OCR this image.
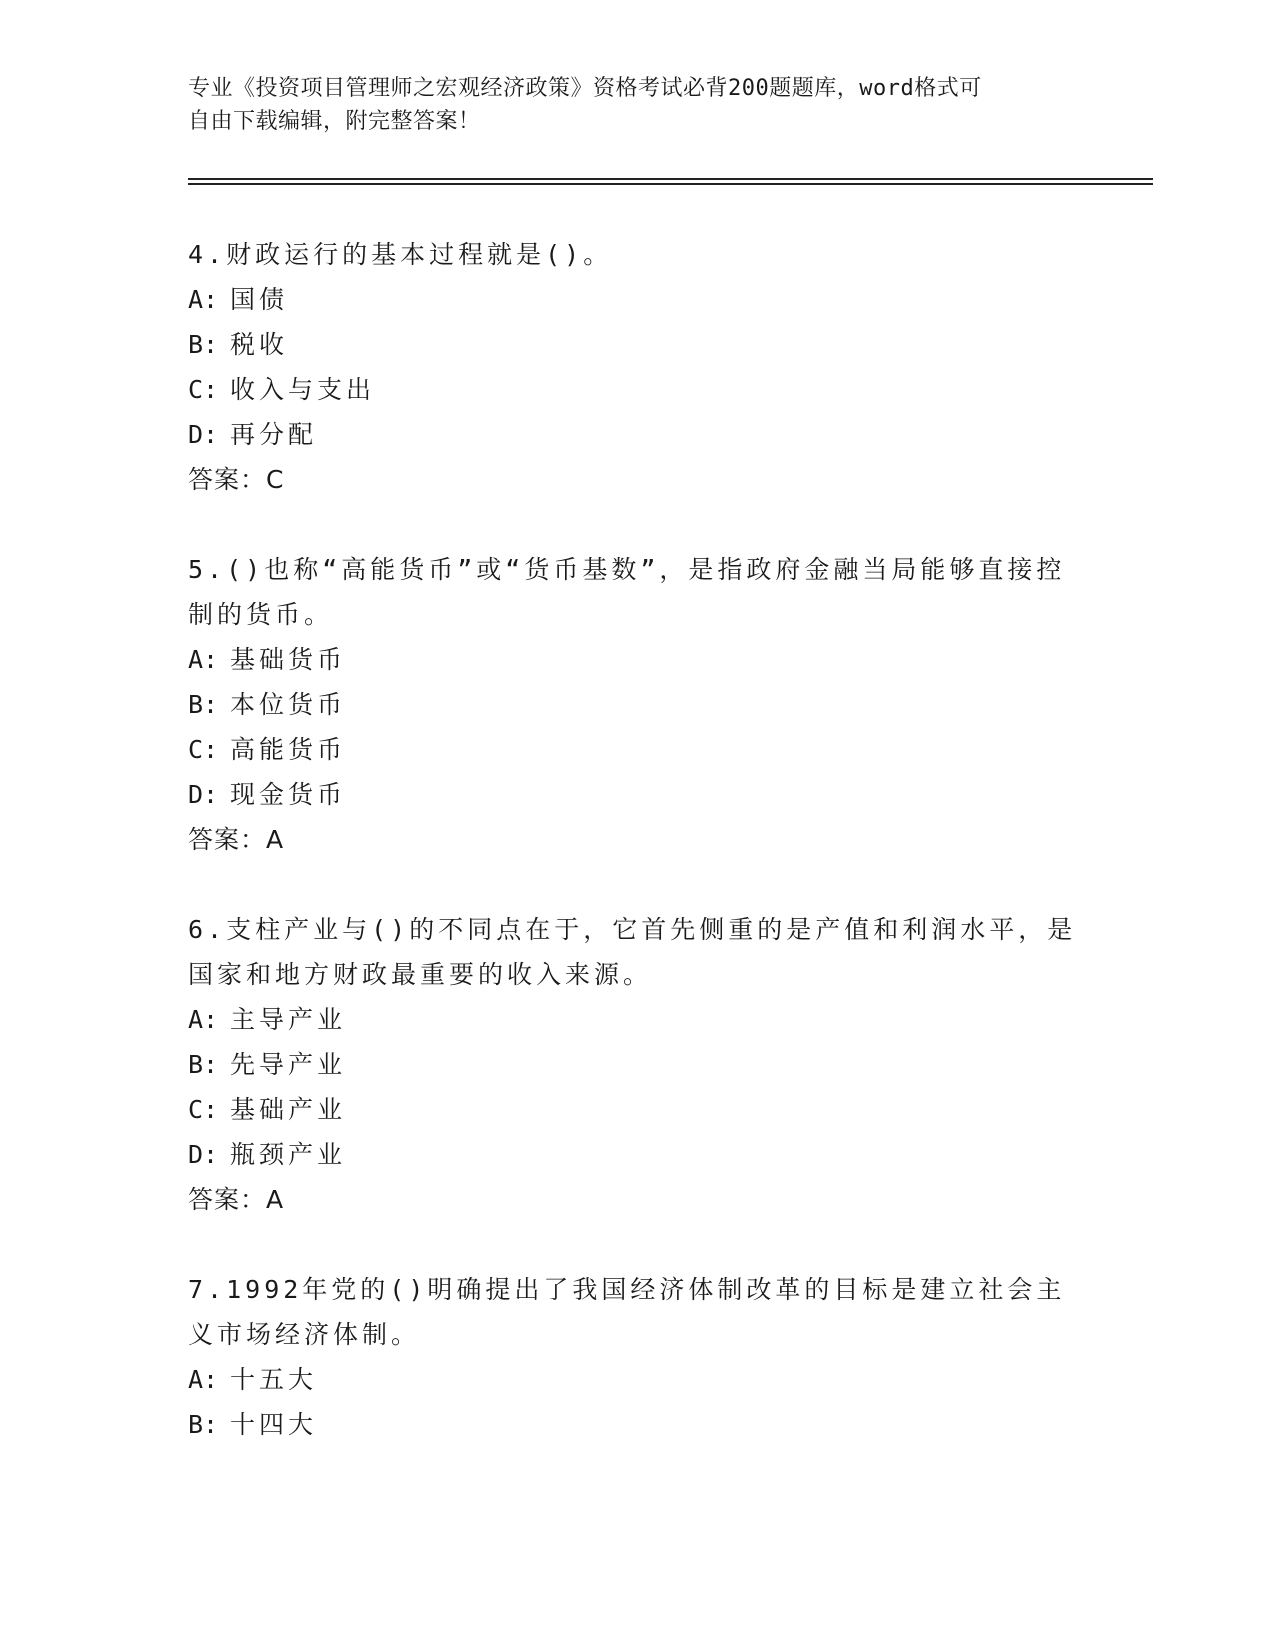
专业《投资项目管理师之宏观经济政策》资格考试必背200题题库，word格式可
自由下载编辑，附完整答案！
4.财政运行的基本过程就是()。
A: 国债
B: 税收
C: 收入与支出
D: 再分配
答案：C
5.()也称“高能货币”或“货币基数”，是指政府金融当局能够直接控制的货币。
A: 基础货币
B: 本位货币
C: 高能货币
D: 现金货币
答案：A
6.支柱产业与()的不同点在于，它首先侧重的是产值和利润水平，是国家和地方财政最重要的收入来源。
A: 主导产业
B: 先导产业
C: 基础产业
D: 瓶颈产业
答案：A
7.1992年党的()明确提出了我国经济体制改革的目标是建立社会主义市场经济体制。
A: 十五大
B: 十四大
